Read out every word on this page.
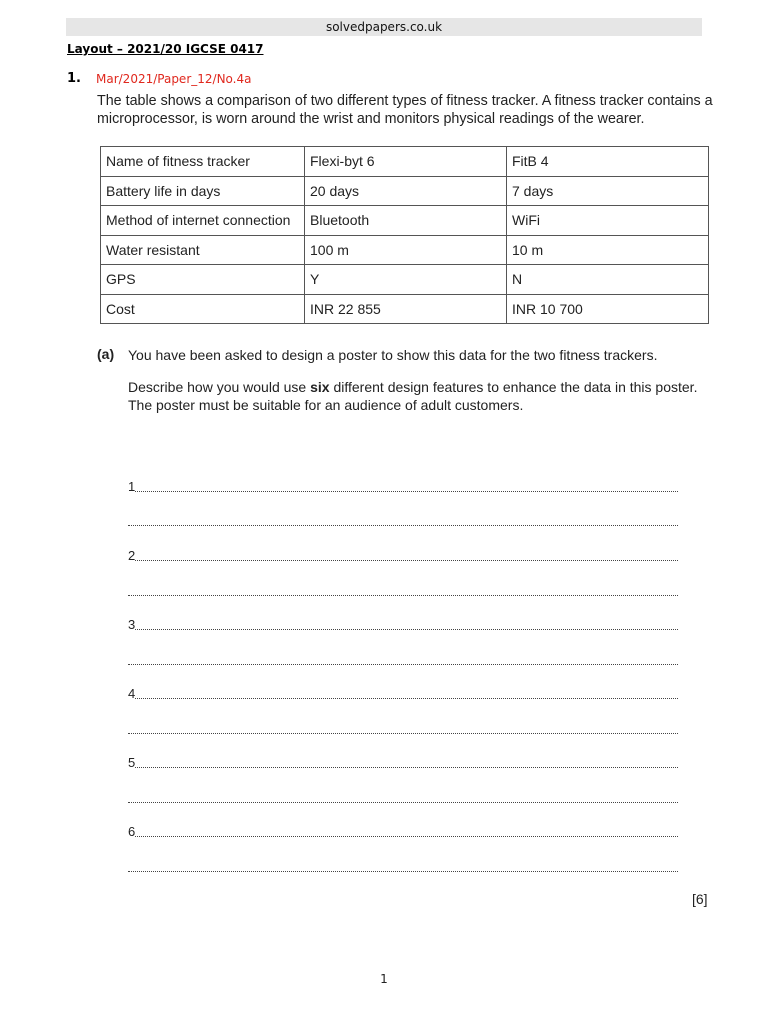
solvedpapers.co.uk
Layout – 2021/20 IGCSE 0417
1. Mar/2021/Paper_12/No.4a
The table shows a comparison of two different types of fitness tracker. A fitness tracker contains a microprocessor, is worn around the wrist and monitors physical readings of the wearer.
Name of fitness tracker	Flexi-byt 6	FitB 4
Battery life in days	20 days	7 days
Method of internet connection	Bluetooth	WiFi
Water resistant	100 m	10 m
GPS	Y	N
Cost	INR 22 855	INR 10 700
(a) You have been asked to design a poster to show this data for the two fitness trackers.

Describe how you would use six different design features to enhance the data in this poster.
The poster must be suitable for an audience of adult customers.
1
2
3
4
5
6
[6]
1
